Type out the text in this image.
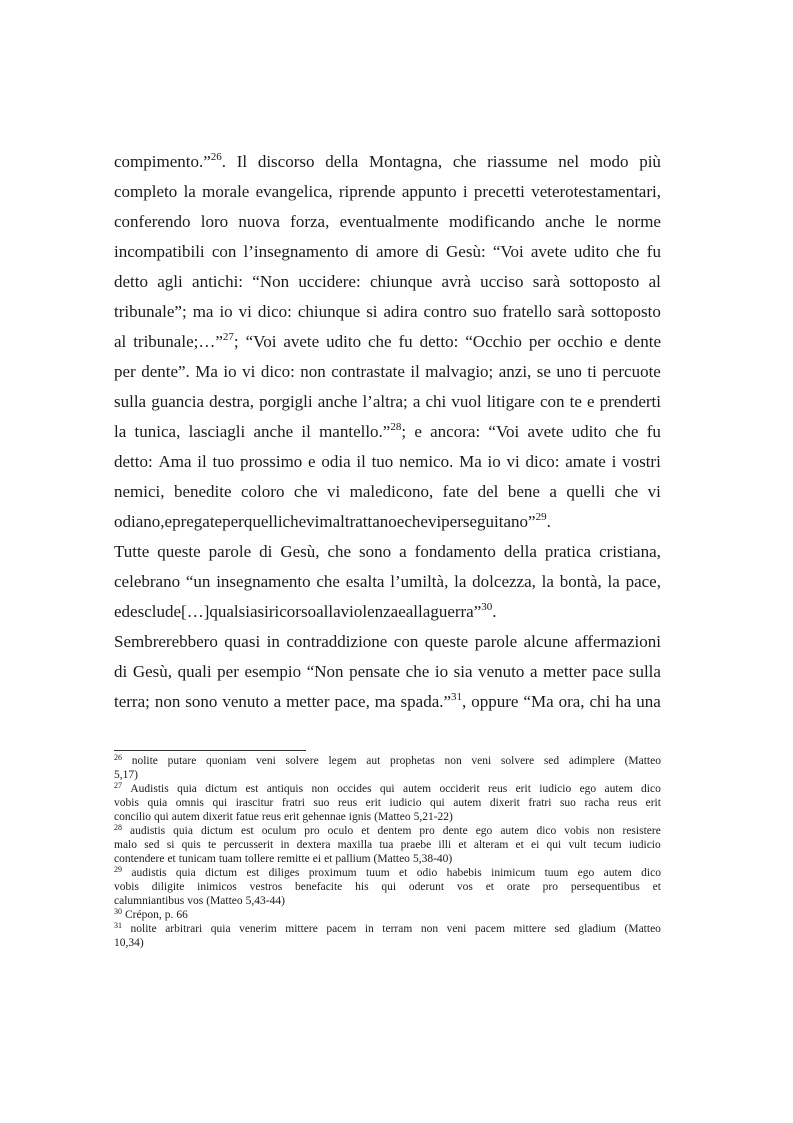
compimento.”$^{26}$. Il discorso della Montagna, che riassume nel modo più
completo la morale evangelica, riprende appunto i precetti veterotestamentari,
conferendo loro nuova forza, eventualmente modificando anche le norme
incompatibili con l’insegnamento di amore di Gesù: “Voi avete udito che fu
detto agli antichi: “Non uccidere: chiunque avrà ucciso sarà sottoposto al
tribunale”; ma io vi dico: chiunque si adira contro suo fratello sarà sottoposto
al tribunale;…”$^{27}$; “Voi avete udito che fu detto: “Occhio per occhio e dente
per dente”. Ma io vi dico: non contrastate il malvagio; anzi, se uno ti percuote
sulla guancia destra, porgigli anche l’altra; a chi vuol litigare con te e prenderti
la tunica, lasciagli anche il mantello.”$^{28}$; e ancora: “Voi avete udito che fu
detto: Ama il tuo prossimo e odia il tuo nemico. Ma io vi dico: amate i vostri
nemici, benedite coloro che vi maledicono, fate del bene a quelli che vi
odiano, e pregate per quelli che vi maltrattano e che vi perseguitano”$^{29}$.
Tutte queste parole di Gesù, che sono a fondamento della pratica cristiana,
celebrano “un insegnamento che esalta l’umiltà, la dolcezza, la bontà, la pace,
ed esclude […] qualsiasi ricorso alla violenza e alla guerra”$^{30}$.
Sembrerebbero quasi in contraddizione con queste parole alcune affermazioni
di Gesù, quali per esempio “Non pensate che io sia venuto a metter pace sulla
terra; non sono venuto a metter pace, ma spada.”$^{31}$, oppure “Ma ora, chi ha una
$^{26}$ nolite putare quoniam veni solvere legem aut prophetas non veni solvere sed adimplere (Matteo
5,17)
$^{27}$ Audistis quia dictum est antiquis non occides qui autem occiderit reus erit iudicio ego autem dico
vobis quia omnis qui irascitur fratri suo reus erit iudicio qui autem dixerit fratri suo racha reus erit
concilio qui autem dixerit fatue reus erit gehennae ignis (Matteo 5,21-22)
$^{28}$ audistis quia dictum est oculum pro oculo et dentem pro dente ego autem dico vobis non resistere
malo sed si quis te percusserit in dextera maxilla tua praebe illi et alteram et ei qui vult tecum iudicio
contendere et tunicam tuam tollere remitte ei et pallium (Matteo 5,38-40)
$^{29}$ audistis quia dictum est diliges proximum tuum et odio habebis inimicum tuum ego autem dico
vobis diligite inimicos vestros benefacite his qui oderunt vos et orate pro persequentibus et
calumniantibus vos (Matteo 5,43-44)
$^{30}$ Crépon, p. 66
$^{31}$ nolite arbitrari quia venerim mittere pacem in terram non veni pacem mittere sed gladium (Matteo
10,34)
